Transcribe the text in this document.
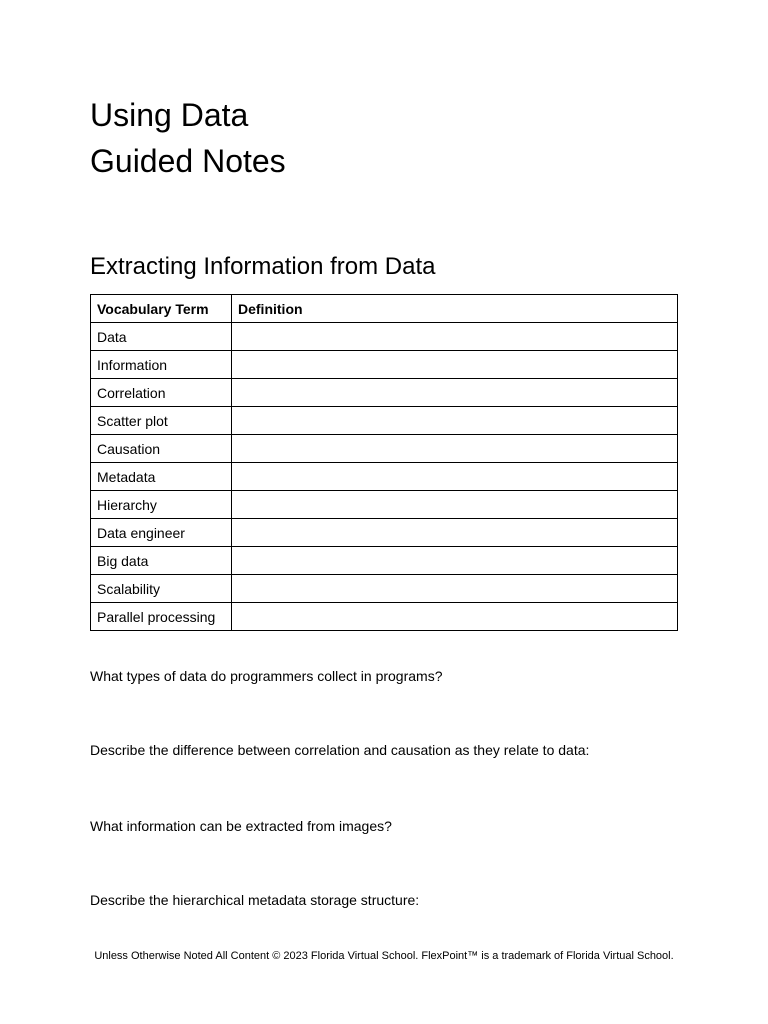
Using Data
Guided Notes
Extracting Information from Data
Vocabulary Term	Definition
Data	
Information	
Correlation	
Scatter plot	
Causation	
Metadata	
Hierarchy	
Data engineer	
Big data	
Scalability	
Parallel processing	
What types of data do programmers collect in programs?
Describe the difference between correlation and causation as they relate to data:
What information can be extracted from images?
Describe the hierarchical metadata storage structure:
Unless Otherwise Noted All Content © 2023 Florida Virtual School. FlexPoint™ is a trademark of Florida Virtual School.
